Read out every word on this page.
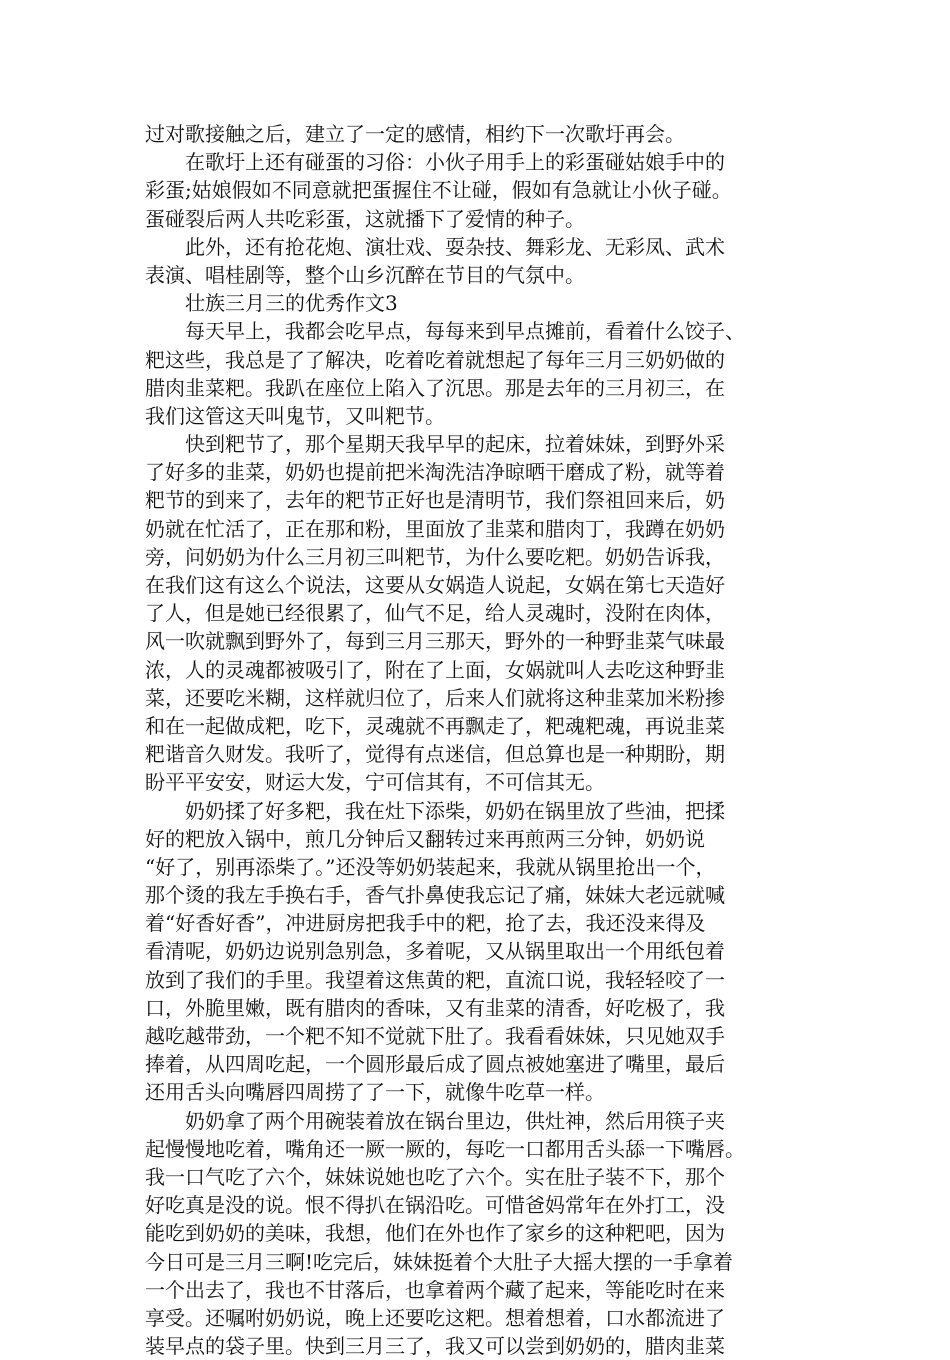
过对歌接触之后，建立了一定的感情，相约下一次歌圩再会。
　　在歌圩上还有碰蛋的习俗：小伙子用手上的彩蛋碰姑娘手中的
彩蛋;姑娘假如不同意就把蛋握住不让碰，假如有急就让小伙子碰。
蛋碰裂后两人共吃彩蛋，这就播下了爱情的种子。
　　此外，还有抢花炮、演壮戏、耍杂技、舞彩龙、无彩凤、武术
表演、唱桂剧等，整个山乡沉醉在节目的气氛中。
　　壮族三月三的优秀作文3
　　每天早上，我都会吃早点，每每来到早点摊前，看着什么饺子、
粑这些，我总是了了解决，吃着吃着就想起了每年三月三奶奶做的
腊肉韭菜粑。我趴在座位上陷入了沉思。那是去年的三月初三，在
我们这管这天叫鬼节，又叫粑节。
　　快到粑节了，那个星期天我早早的起床，拉着妹妹，到野外采
了好多的韭菜，奶奶也提前把米淘洗洁净晾晒干磨成了粉，就等着
粑节的到来了，去年的粑节正好也是清明节，我们祭祖回来后，奶
奶就在忙活了，正在那和粉，里面放了韭菜和腊肉丁，我蹲在奶奶
旁，问奶奶为什么三月初三叫粑节，为什么要吃粑。奶奶告诉我，
在我们这有这么个说法，这要从女娲造人说起，女娲在第七天造好
了人，但是她已经很累了，仙气不足，给人灵魂时，没附在肉体，
风一吹就飘到野外了，每到三月三那天，野外的一种野韭菜气味最
浓，人的灵魂都被吸引了，附在了上面，女娲就叫人去吃这种野韭
菜，还要吃米糊，这样就归位了，后来人们就将这种韭菜加米粉掺
和在一起做成粑，吃下，灵魂就不再飘走了，粑魂粑魂，再说韭菜
粑谐音久财发。我听了，觉得有点迷信，但总算也是一种期盼，期
盼平平安安，财运大发，宁可信其有，不可信其无。
　　奶奶揉了好多粑，我在灶下添柴，奶奶在锅里放了些油，把揉
好的粑放入锅中，煎几分钟后又翻转过来再煎两三分钟，奶奶说
“好了，别再添柴了。”还没等奶奶装起来，我就从锅里抢出一个，
那个烫的我左手换右手，香气扑鼻使我忘记了痛，妹妹大老远就喊
着“好香好香”，冲进厨房把我手中的粑，抢了去，我还没来得及
看清呢，奶奶边说别急别急，多着呢，又从锅里取出一个用纸包着
放到了我们的手里。我望着这焦黄的粑，直流口说，我轻轻咬了一
口，外脆里嫩，既有腊肉的香味，又有韭菜的清香，好吃极了，我
越吃越带劲，一个粑不知不觉就下肚了。我看看妹妹，只见她双手
捧着，从四周吃起，一个圆形最后成了圆点被她塞进了嘴里，最后
还用舌头向嘴唇四周捞了了一下，就像牛吃草一样。
　　奶奶拿了两个用碗装着放在锅台里边，供灶神，然后用筷子夹
起慢慢地吃着，嘴角还一厥一厥的，每吃一口都用舌头舔一下嘴唇。
我一口气吃了六个，妹妹说她也吃了六个。实在肚子装不下，那个
好吃真是没的说。恨不得扒在锅沿吃。可惜爸妈常年在外打工，没
能吃到奶奶的美味，我想，他们在外也作了家乡的这种粑吧，因为
今日可是三月三啊!吃完后，妹妹挺着个大肚子大摇大摆的一手拿着
一个出去了，我也不甘落后，也拿着两个藏了起来，等能吃时在来
享受。还嘱咐奶奶说，晚上还要吃这粑。想着想着，口水都流进了
装早点的袋子里。快到三月三了，我又可以尝到奶奶的，腊肉韭菜
